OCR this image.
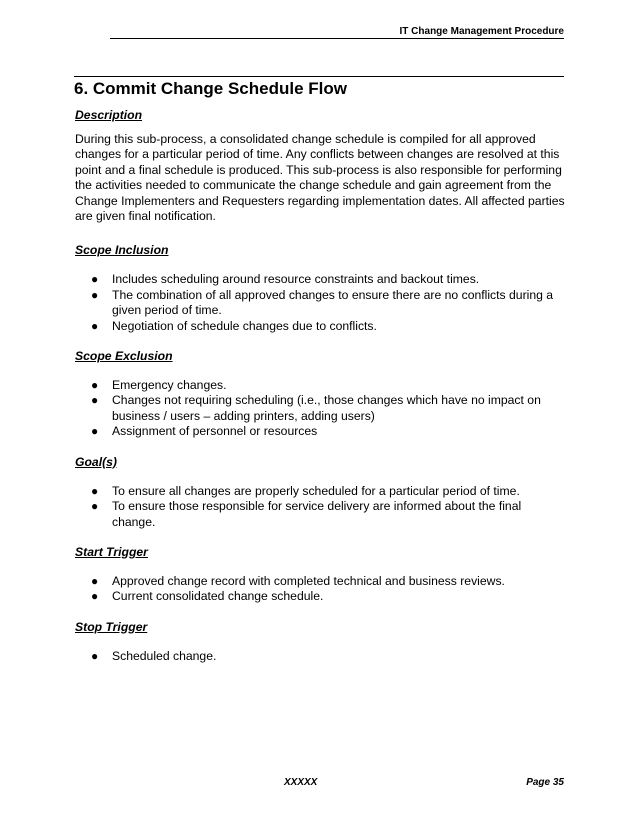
IT Change Management Procedure
6. Commit Change Schedule Flow
Description

During this sub-process, a consolidated change schedule is compiled for all approved changes for a particular period of time. Any conflicts between changes are resolved at this point and a final schedule is produced. This sub-process is also responsible for performing the activities needed to communicate the change schedule and gain agreement from the Change Implementers and Requesters regarding implementation dates. All affected parties are given final notification.

Scope Inclusion
● Includes scheduling around resource constraints and backout times.
● The combination of all approved changes to ensure there are no conflicts during a given period of time.
● Negotiation of schedule changes due to conflicts.
Scope Exclusion
● Emergency changes.
● Changes not requiring scheduling (i.e., those changes which have no impact on business / users – adding printers, adding users)
● Assignment of personnel or resources
Goal(s)
● To ensure all changes are properly scheduled for a particular period of time.
● To ensure those responsible for service delivery are informed about the final change.
Start Trigger
● Approved change record with completed technical and business reviews.
● Current consolidated change schedule.
Stop Trigger
● Scheduled change.
XXXXX	Page 35
